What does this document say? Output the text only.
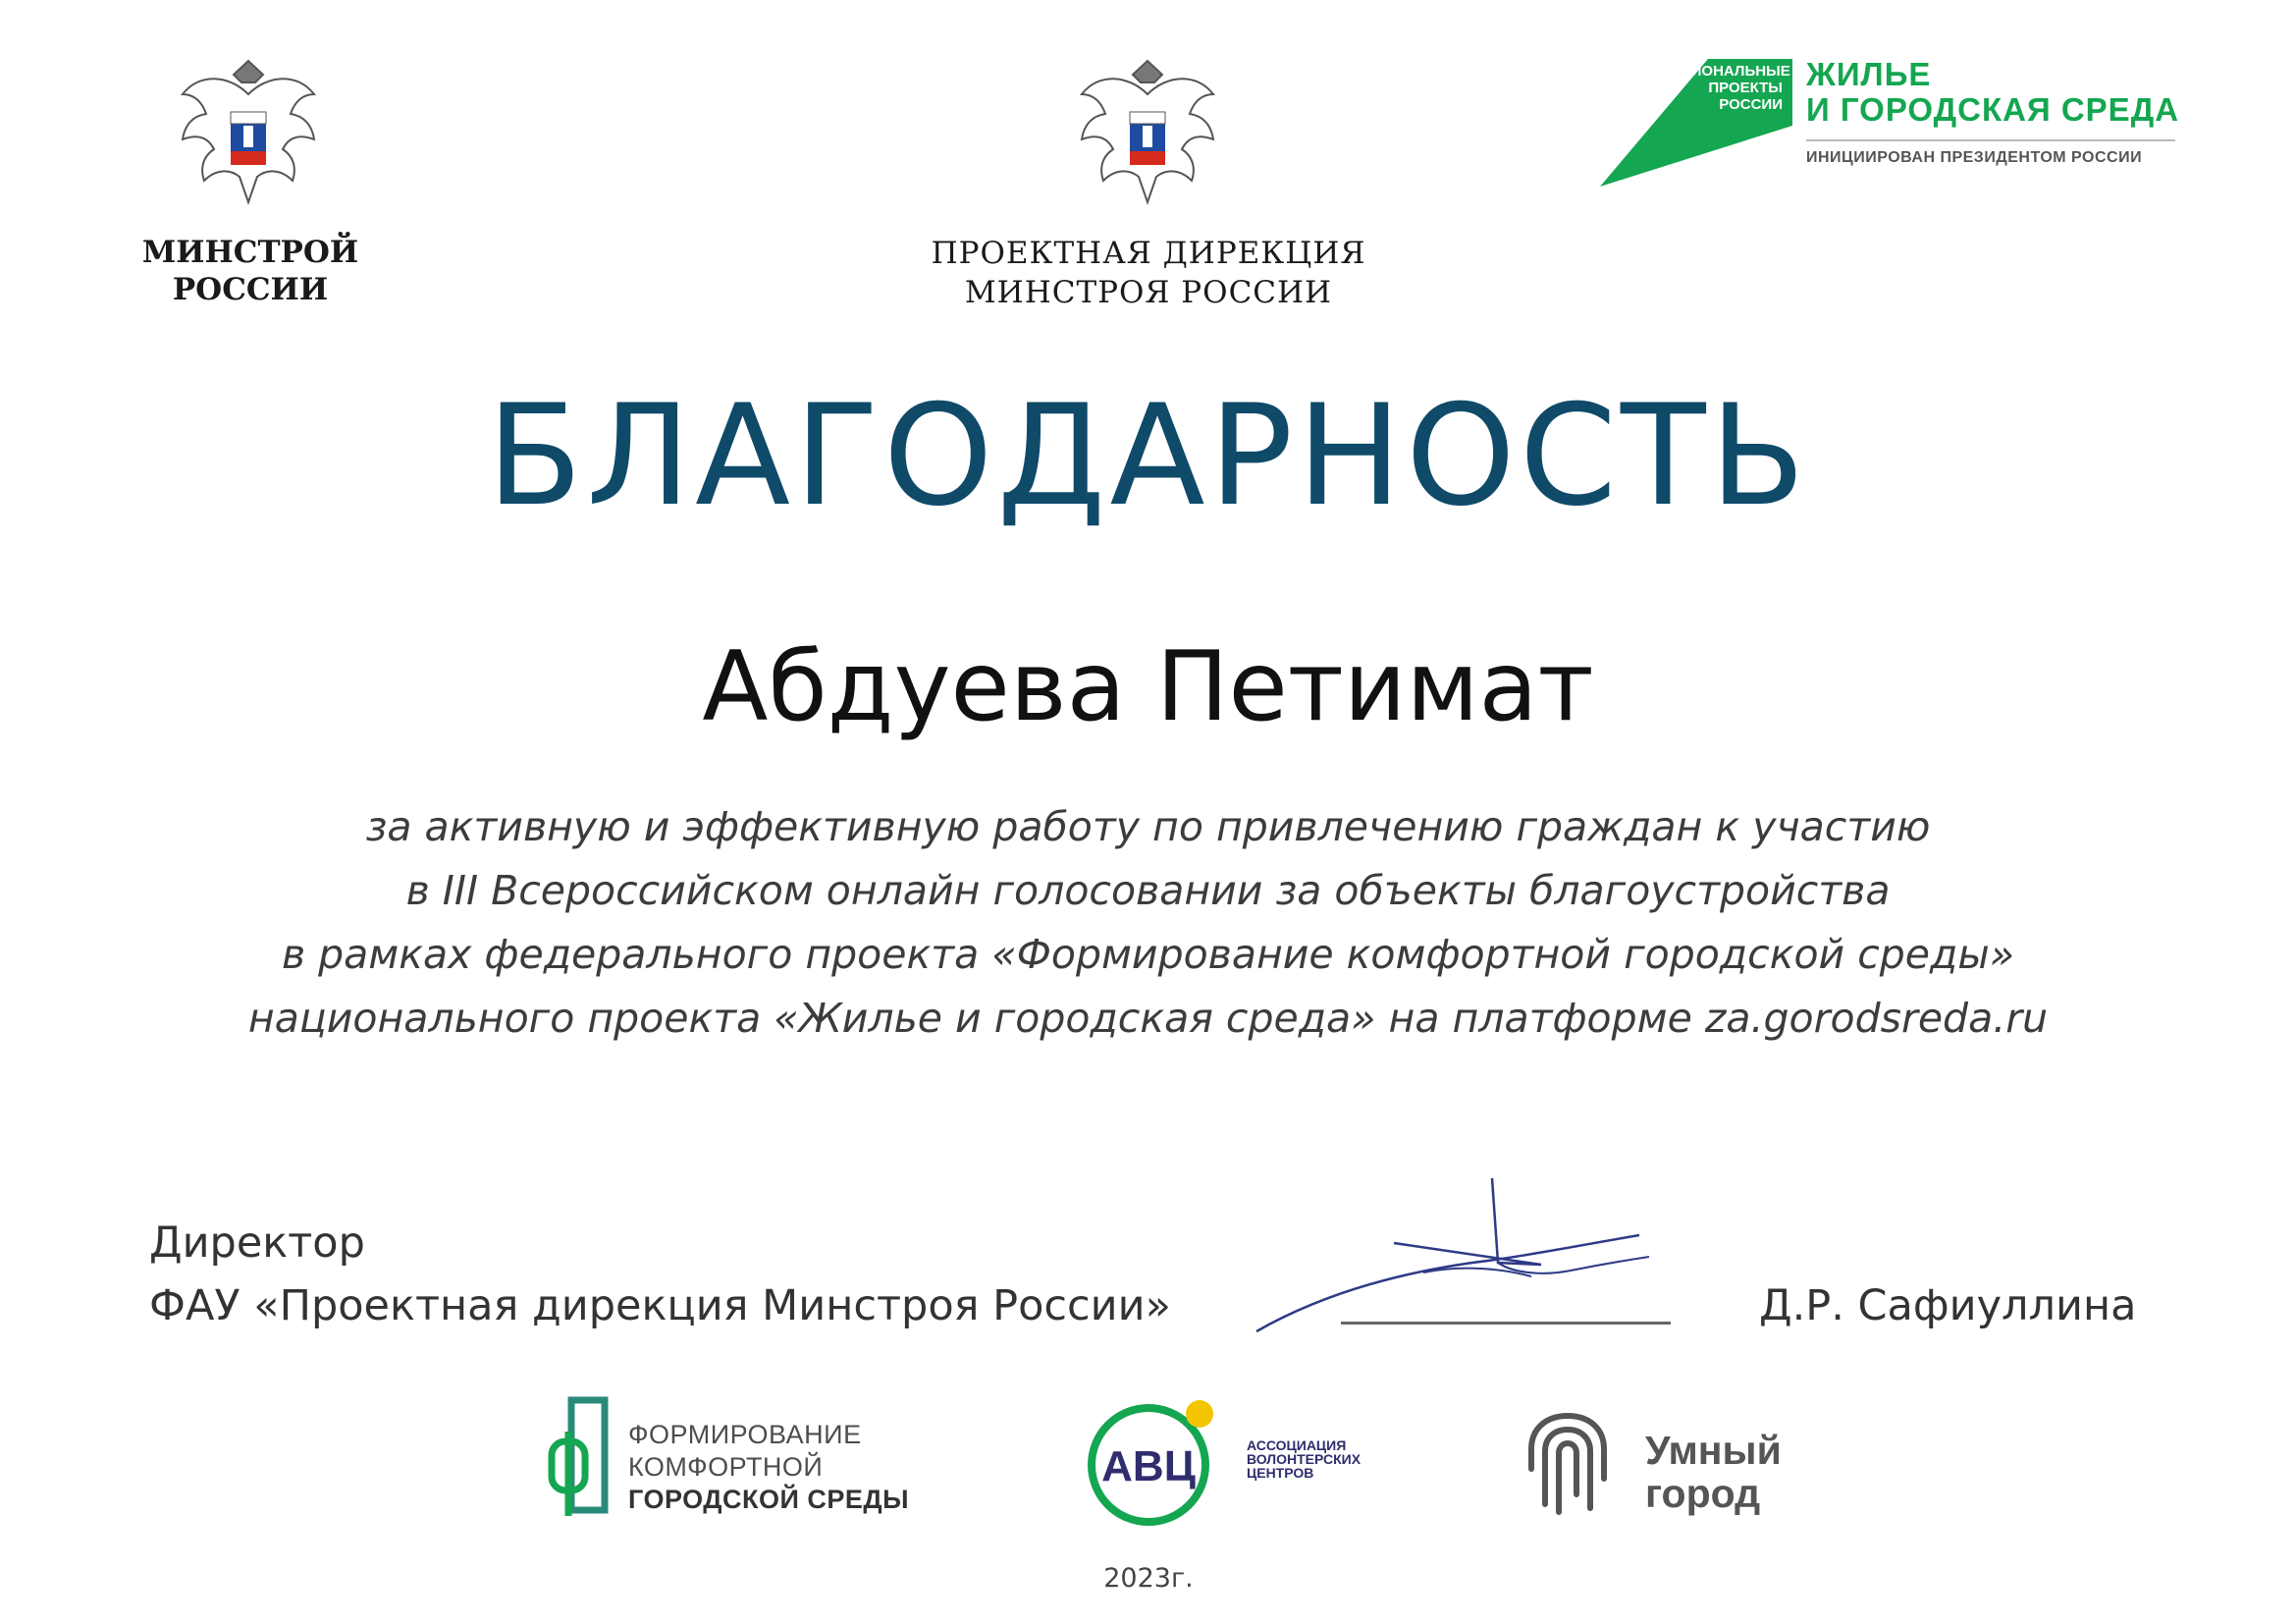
МИНСТРОЙ
РОССИИ
ПРОЕКТНАЯ ДИРЕКЦИЯ
МИНСТРОЯ РОССИИ
НАЦИОНАЛЬНЫЕ
ПРОЕКТЫ
РОССИИ
ЖИЛЬЕ
И ГОРОДСКАЯ СРЕДА
ИНИЦИИРОВАН ПРЕЗИДЕНТОМ РОССИИ
БЛАГОДАРНОСТЬ
Абдуева Петимат
за активную и эффективную работу по привлечению граждан к участию
в III Всероссийском онлайн голосовании за объекты благоустройства
в рамках федерального проекта «Формирование комфортной городской среды»
национального проекта «Жилье и городская среда» на платформе za.gorodsreda.ru
Директор
ФАУ «Проектная дирекция Минстроя России»	Д.Р. Сафиуллина
ФОРМИРОВАНИЕ
КОМФОРТНОЙ
ГОРОДСКОЙ СРЕДЫ
АВЦ	АССОЦИАЦИЯ
ВОЛОНТЕРСКИХ
ЦЕНТРОВ	Умный
город
2023г.
